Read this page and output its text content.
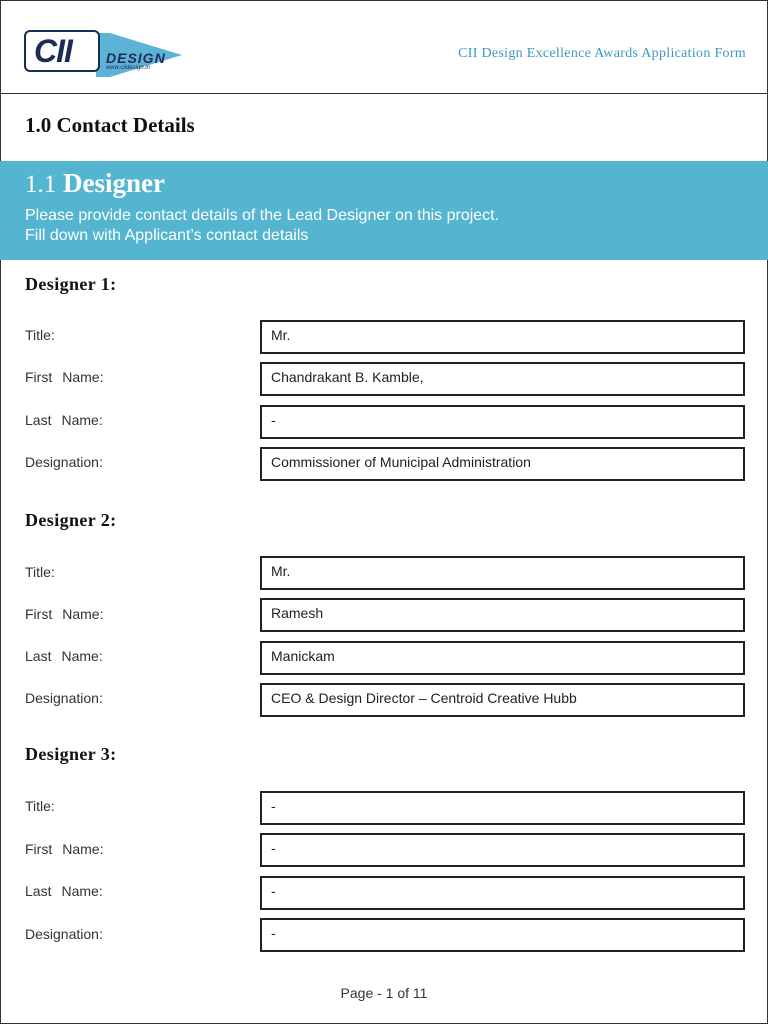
CII DESIGN
www.ciidesign.in
CII Design Excellence Awards Application Form
1.0 Contact Details
1.1 Designer
Please provide contact details of the Lead Designer on this project.
Fill down with Applicant’s contact details
Designer 1:
Title:	Mr.
First Name:	Chandrakant B. Kamble,
Last Name:	-
Designation:	Commissioner of Municipal Administration
Designer 2:
Title:	Mr.
First Name:	Ramesh
Last Name:	Manickam
Designation:	CEO & Design Director – Centroid Creative Hubb
Designer 3:
Title:	-
First Name:	-
Last Name:	-
Designation:	-
Page - 1 of 11
